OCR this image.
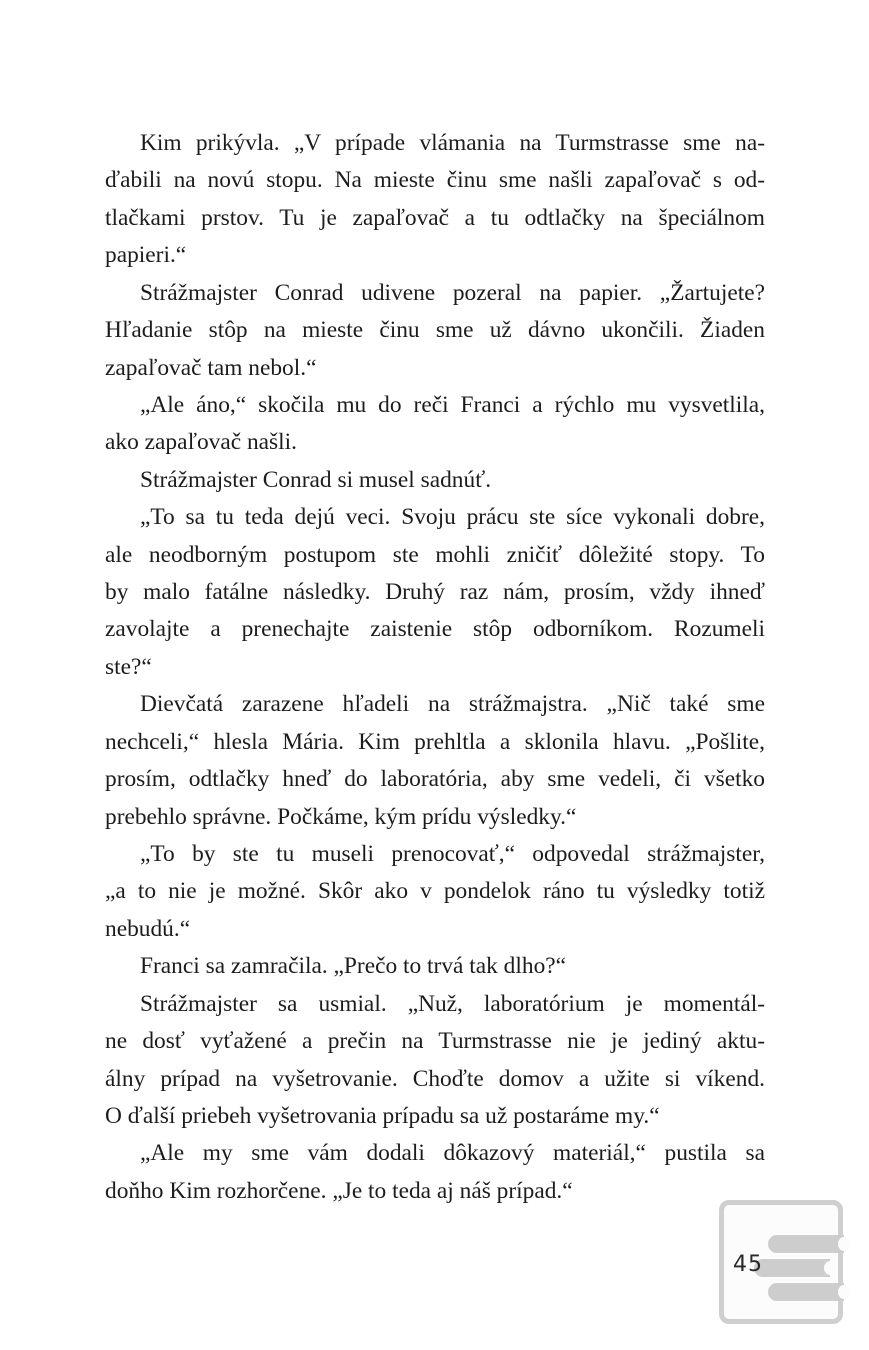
Kim prikývla. „V prípade vlámania na Turmstrasse sme na-
ďabili na novú stopu. Na mieste činu sme našli zapaľovač s od-
tlačkami prstov. Tu je zapaľovač a tu odtlačky na špeciálnom
papieri.“
Strážmajster Conrad udivene pozeral na papier. „Žartujete?
Hľadanie stôp na mieste činu sme už dávno ukončili. Žiaden
zapaľovač tam nebol.“
„Ale áno,“ skočila mu do reči Franci a rýchlo mu vysvetlila,
ako zapaľovač našli.
Strážmajster Conrad si musel sadnúť.
„To sa tu teda dejú veci. Svoju prácu ste síce vykonali dobre,
ale neodborným postupom ste mohli zničiť dôležité stopy. To
by malo fatálne následky. Druhý raz nám, prosím, vždy ihneď
zavolajte a prenechajte zaistenie stôp odborníkom. Rozumeli
ste?“
Dievčatá zarazene hľadeli na strážmajstra. „Nič také sme
nechceli,“ hlesla Mária. Kim prehltla a sklonila hlavu. „Pošlite,
prosím, odtlačky hneď do laboratória, aby sme vedeli, či všetko
prebehlo správne. Počkáme, kým prídu výsledky.“
„To by ste tu museli prenocovať,“ odpovedal strážmajster,
„a to nie je možné. Skôr ako v pondelok ráno tu výsledky totiž
nebudú.“
Franci sa zamračila. „Prečo to trvá tak dlho?“
Strážmajster sa usmial. „Nuž, laboratórium je momentál-
ne dosť vyťažené a prečin na Turmstrasse nie je jediný aktu-
álny prípad na vyšetrovanie. Choďte domov a užite si víkend.
O ďalší priebeh vyšetrovania prípadu sa už postaráme my.“
„Ale my sme vám dodali dôkazový materiál,“ pustila sa
doňho Kim rozhorčene. „Je to teda aj náš prípad.“
45
